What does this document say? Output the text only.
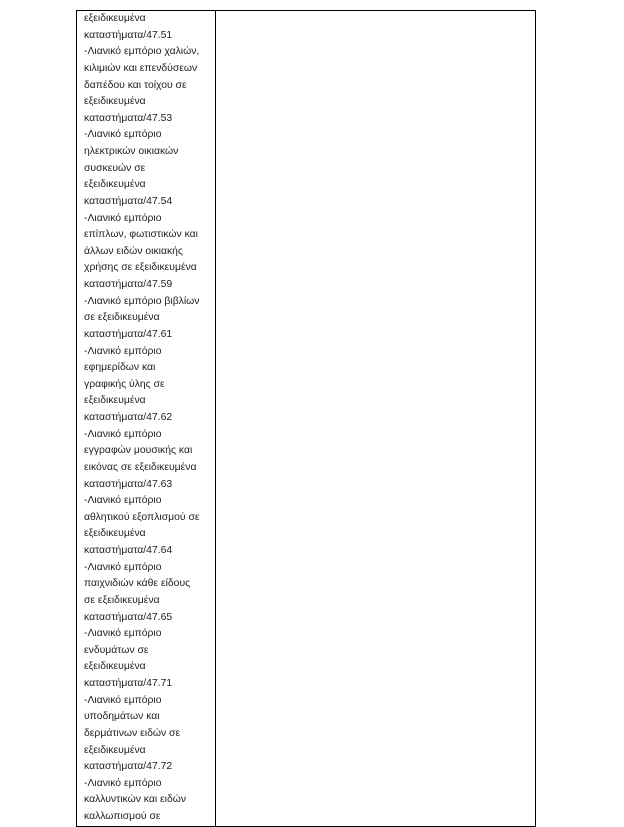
εξειδικευμένα
καταστήματα/47.51
-Λιανικό εμπόριο χαλιών,
κιλιμιών και επενδύσεων
δαπέδου και τοίχου σε
εξειδικευμένα
καταστήματα/47.53
-Λιανικό εμπόριο
ηλεκτρικών οικιακών
συσκευών σε
εξειδικευμένα
καταστήματα/47.54
-Λιανικό εμπόριο
επίπλων, φωτιστικών και
άλλων ειδών οικιακής
χρήσης σε εξειδικευμένα
καταστήματα/47.59
-Λιανικό εμπόριο βιβλίων
σε εξειδικευμένα
καταστήματα/47.61
-Λιανικό εμπόριο
εφημερίδων και
γραφικής ύλης σε
εξειδικευμένα
καταστήματα/47.62
-Λιανικό εμπόριο
εγγραφών μουσικής και
εικόνας σε εξειδικευμένα
καταστήματα/47.63
-Λιανικό εμπόριο
αθλητικού εξοπλισμού σε
εξειδικευμένα
καταστήματα/47.64
-Λιανικό εμπόριο
παιχνιδιών κάθε είδους
σε εξειδικευμένα
καταστήματα/47.65
-Λιανικό εμπόριο
ενδυμάτων σε
εξειδικευμένα
καταστήματα/47.71
-Λιανικό εμπόριο
υποδημάτων και
δερμάτινων ειδών σε
εξειδικευμένα
καταστήματα/47.72
-Λιανικό εμπόριο
καλλυντικών και ειδών
καλλωπισμού σε
